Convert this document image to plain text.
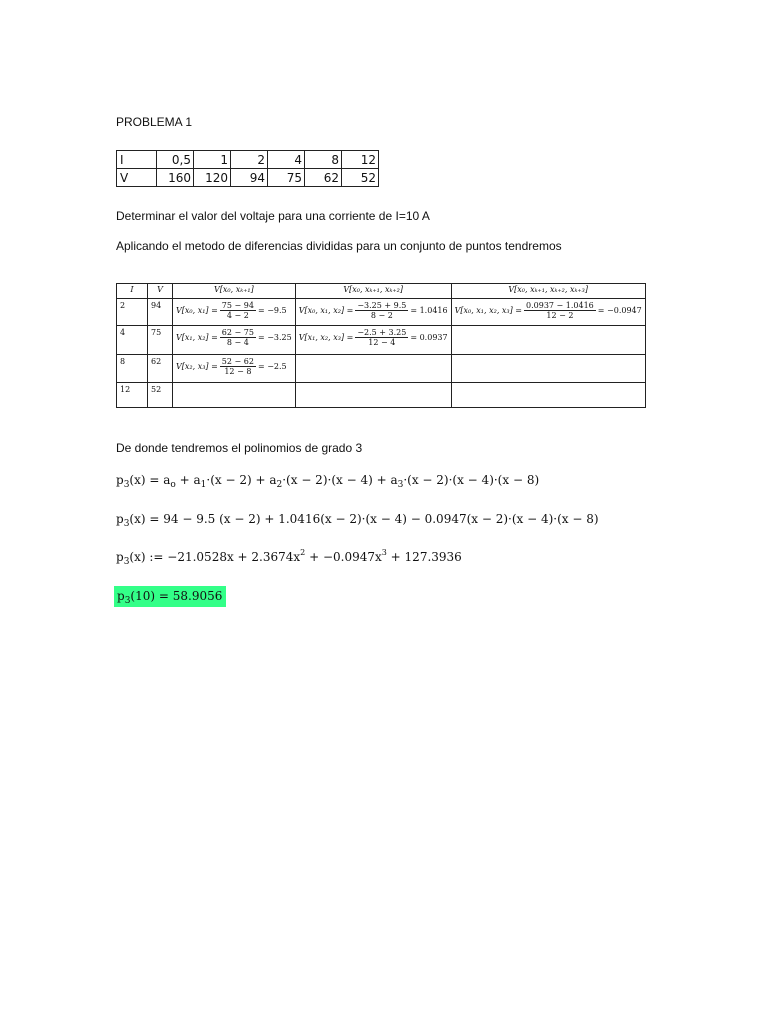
PROBLEMA 1
I	0,5	1	2	4	8	12
V	160	120	94	75	62	52
Determinar el valor del voltaje para una corriente de I=10 A
Aplicando el metodo de diferencias divididas para un conjunto de puntos tendremos
I	V	V[x₀, xₖ₊₁]	V[x₀, xₖ₊₁, xₖ₊₂]	V[x₀, xₖ₊₁, xₖ₊₂, xₖ₊₃]
2	94	V[x₀, $x_1] = \frac{75 - 94}{4 - 2} = -9.5$	V[x₀, x₁, $x_2] = \frac{-3.25 + 9.5}{8 - 2} = 1.0416$	V[x₀, x₁, x₂, $x_3] = \frac{0.0937 - 1.0416}{12 - 2} = -0.0947$
4	75	V[x₁, $x_2] = \frac{62 - 75}{8 - 4} = -3.25$	V[x₁, x₂, $x_3] = \frac{-2.5 + 3.25}{12 - 4} = 0.0937$	
8	62	V[x₂, $x_3] = \frac{52 - 62}{12 - 8} = -2.5$		
12	52			
De donde tendremos el polinomios de grado 3
$p_3(x) = a_o + a_1\cdot(x - 2) + a_2\cdot(x - 2)\cdot(x - 4) + a_3\cdot(x - 2)\cdot(x - 4)\cdot(x - 8)$
$p_3(x) = 94 - 9.5$ (x − 2) + 1.0416(x − 2)·(x − 4) − 0.0947(x − 2)·(x − 4)·(x − 8)
$p_3(x)$ := $-21.0528x + 2.3674x^2 + -0.0947x^3 + 127.3936$
$p_3(10) = 58.9056$
